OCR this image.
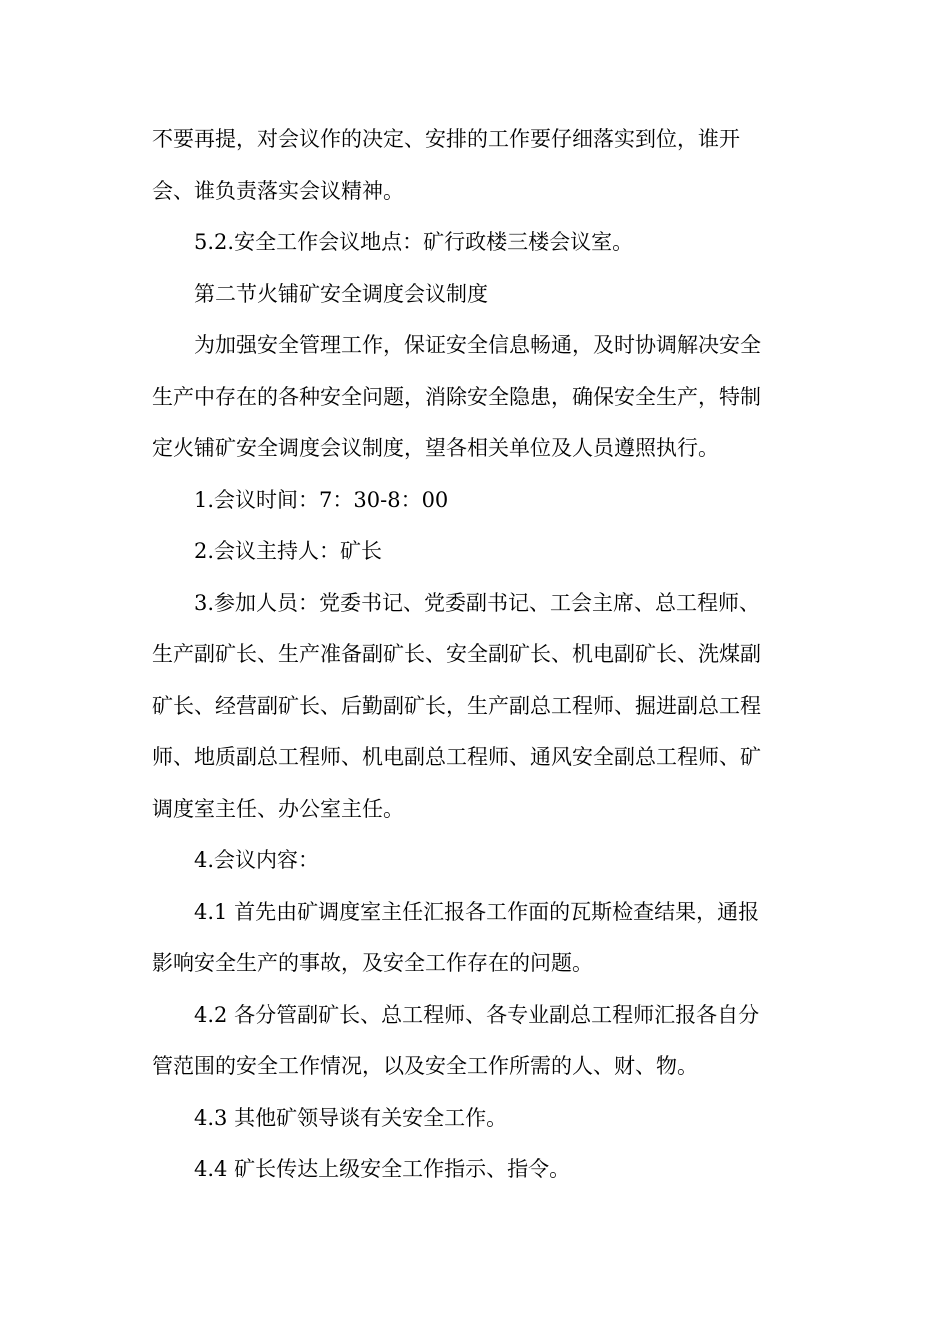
不要再提，对会议作的决定、安排的工作要仔细落实到位，谁开
会、谁负责落实会议精神。
5.2.安全工作会议地点：矿行政楼三楼会议室。
第二节火铺矿安全调度会议制度
为加强安全管理工作，保证安全信息畅通，及时协调解决安全
生产中存在的各种安全问题，消除安全隐患，确保安全生产，特制
定火铺矿安全调度会议制度，望各相关单位及人员遵照执行。
1.会议时间：7：30-8：00
2.会议主持人：矿长
3.参加人员：党委书记、党委副书记、工会主席、总工程师、
生产副矿长、生产准备副矿长、安全副矿长、机电副矿长、洗煤副
矿长、经营副矿长、后勤副矿长，生产副总工程师、掘进副总工程
师、地质副总工程师、机电副总工程师、通风安全副总工程师、矿
调度室主任、办公室主任。
4.会议内容：
4.1 首先由矿调度室主任汇报各工作面的瓦斯检查结果，通报
影响安全生产的事故，及安全工作存在的问题。
4.2 各分管副矿长、总工程师、各专业副总工程师汇报各自分
管范围的安全工作情况，以及安全工作所需的人、财、物。
4.3 其他矿领导谈有关安全工作。
4.4 矿长传达上级安全工作指示、指令。
